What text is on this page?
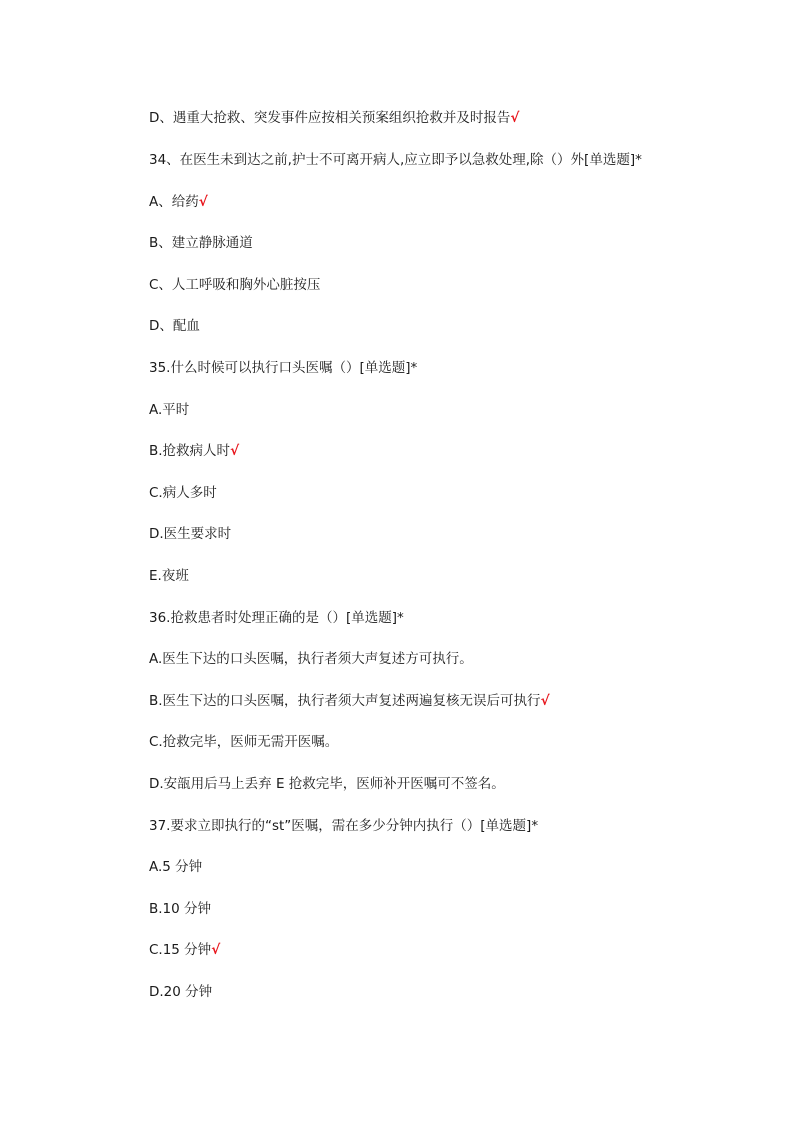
D、遇重大抢救、突发事件应按相关预案组织抢救并及时报告√
34、在医生未到达之前,护士不可离开病人,应立即予以急救处理,除（）外[单选题]*
A、给药√
B、建立静脉通道
C、人工呼吸和胸外心脏按压
D、配血
35.什么时候可以执行口头医嘱（）[单选题]*
A.平时
B.抢救病人时√
C.病人多时
D.医生要求时
E.夜班
36.抢救患者时处理正确的是（）[单选题]*
A.医生下达的口头医嘱，执行者须大声复述方可执行。
B.医生下达的口头医嘱，执行者须大声复述两遍复核无误后可执行√
C.抢救完毕，医师无需开医嘱。
D.安瓿用后马上丢弃 E 抢救完毕，医师补开医嘱可不签名。
37.要求立即执行的“st”医嘱，需在多少分钟内执行（）[单选题]*
A.5 分钟
B.10 分钟
C.15 分钟√
D.20 分钟
